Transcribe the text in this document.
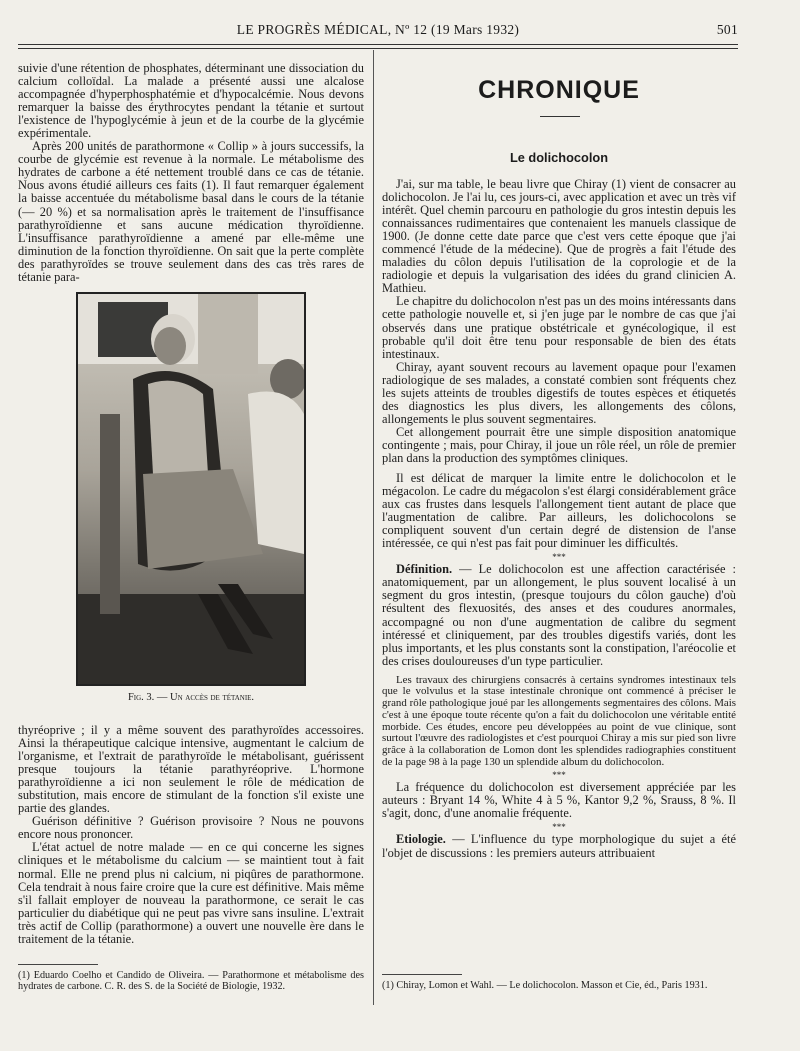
LE PROGRÈS MÉDICAL, Nº 12 (19 Mars 1932)	501

suivie d'une rétention de phosphates, déterminant une dissociation du calcium colloïdal. La malade a présenté aussi une alcalose accompagnée d'hyperphosphatémie et d'hypocalcémie. Nous devons remarquer la baisse des érythrocytes pendant la tétanie et surtout l'existence de l'hypoglycémie à jeun et de la courbe de la glycémie expérimentale.

Après 200 unités de parathormone « Collip » à jours successifs, la courbe de glycémie est revenue à la normale. Le métabolisme des hydrates de carbone a été nettement troublé dans ce cas de tétanie. Nous avons étudié ailleurs ces faits (1). Il faut remarquer également la baisse accentuée du métabolisme basal dans le cours de la tétanie (— 20 %) et sa normalisation après le traitement de l'insuffisance parathyroïdienne et sans aucune médication thyroïdienne. L'insuffisance parathyroïdienne a amené par elle-même une diminution de la fonction thyroïdienne. On sait que la perte complète des parathyroïdes se trouve seulement dans des cas très rares de tétanie para-

Fig. 3. — Un accès de tétanie.

thyréoprive ; il y a même souvent des parathyroïdes accessoires. Ainsi la thérapeutique calcique intensive, augmentant le calcium de l'organisme, et l'extrait de parathyroïde le métabolisant, guérissent presque toujours la tétanie parathyréoprive. L'hormone parathyroïdienne a ici non seulement le rôle de médication de substitution, mais encore de stimulant de la fonction s'il existe une partie des glandes.

Guérison définitive ? Guérison provisoire ? Nous ne pouvons encore nous prononcer.

L'état actuel de notre malade — en ce qui concerne les signes cliniques et le métabolisme du calcium — se maintient tout à fait normal. Elle ne prend plus ni calcium, ni piqûres de parathormone. Cela tendrait à nous faire croire que la cure est définitive. Mais même s'il fallait employer de nouveau la parathormone, ce serait le cas particulier du diabétique qui ne peut pas vivre sans insuline. L'extrait très actif de Collip (parathormone) a ouvert une nouvelle ère dans le traitement de la tétanie.

(1) Eduardo Coelho et Candido de Oliveira. — Parathormone et métabolisme des hydrates de carbone. C. R. des S. de la Société de Biologie, 1932.
CHRONIQUE
Le dolichocolon

J'ai, sur ma table, le beau livre que Chiray (1) vient de consacrer au dolichocolon. Je l'ai lu, ces jours-ci, avec application et avec un très vif intérêt. Quel chemin parcouru en pathologie du gros intestin depuis les connaissances rudimentaires que contenaient les manuels classique de 1900. (Je donne cette date parce que c'est vers cette époque que j'ai commencé l'étude de la médecine). Que de progrès a fait l'étude des maladies du côlon depuis l'utilisation de la coprologie et de la radiologie et depuis la vulgarisation des idées du grand clinicien A. Mathieu.

Le chapitre du dolichocolon n'est pas un des moins intéressants dans cette pathologie nouvelle et, si j'en juge par le nombre de cas que j'ai observés dans une pratique obstétricale et gynécologique, il est probable qu'il doit être tenu pour responsable de bien des états intestinaux.

Chiray, ayant souvent recours au lavement opaque pour l'examen radiologique de ses malades, a constaté combien sont fréquents chez les sujets atteints de troubles digestifs de toutes espèces et étiquetés des diagnostics les plus divers, les allongements des côlons, allongements le plus souvent segmentaires.

Cet allongement pourrait être une simple disposition anatomique contingente ; mais, pour Chiray, il joue un rôle réel, un rôle de premier plan dans la production des symptômes cliniques.

Il est délicat de marquer la limite entre le dolichocolon et le mégacolon. Le cadre du mégacolon s'est élargi considérablement grâce aux cas frustes dans lesquels l'allongement tient autant de place que l'augmentation de calibre. Par ailleurs, les dolichocolons se compliquent souvent d'un certain degré de distension de l'anse intéressée, ce qui n'est pas fait pour diminuer les difficultés.

***

Définition. — Le dolichocolon est une affection caractérisée : anatomiquement, par un allongement, le plus souvent localisé à un segment du gros intestin, (presque toujours du côlon gauche) d'où résultent des flexuosités, des anses et des coudures anormales, accompagné ou non d'une augmentation de calibre du segment intéressé et cliniquement, par des troubles digestifs variés, dont les plus importants, et les plus constants sont la constipation, l'aréocolie et des crises douloureuses d'un type particulier.

Les travaux des chirurgiens consacrés à certains syndromes intestinaux tels que le volvulus et la stase intestinale chronique ont commencé à préciser le grand rôle pathologique joué par les allongements segmentaires des côlons. Mais c'est à une époque toute récente qu'on a fait du dolichocolon une véritable entité morbide. Ces études, encore peu développées au point de vue clinique, sont surtout l'œuvre des radiologistes et c'est pourquoi Chiray a mis sur pied son livre grâce à la collaboration de Lomon dont les splendides radiographies constituent de la page 98 à la page 130 un splendide album du dolichocolon.

***

La fréquence du dolichocolon est diversement appréciée par les auteurs : Bryant 14 %, White 4 à 5 %, Kantor 9,2 %, Srauss, 8 %. Il s'agit, donc, d'une anomalie fréquente.

***

Etiologie. — L'influence du type morphologique du sujet a été l'objet de discussions : les premiers auteurs attribuaient

(1) Chiray, Lomon et Wahl. — Le dolichocolon. Masson et Cie, éd., Paris 1931.
